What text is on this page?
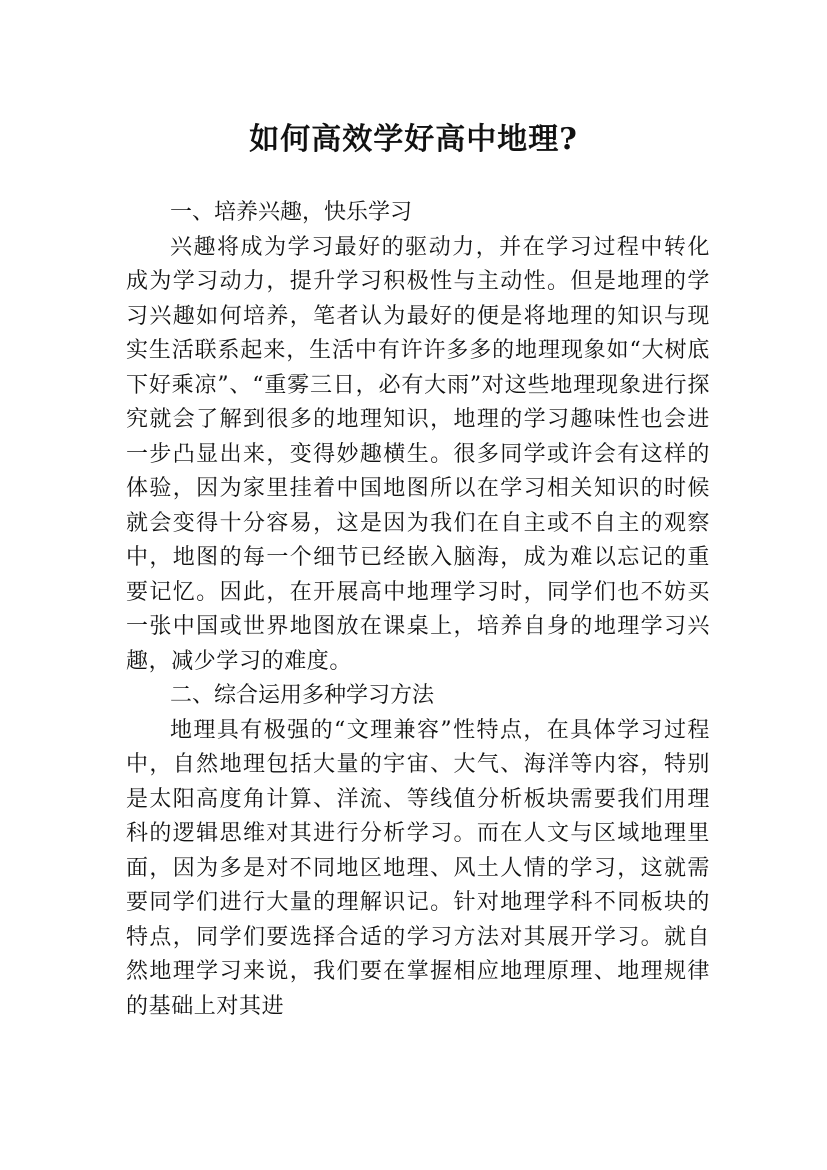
如何高效学好高中地理?

一、培养兴趣，快乐学习

兴趣将成为学习最好的驱动力，并在学习过程中转化成为学习动力，提升学习积极性与主动性。但是地理的学习兴趣如何培养，笔者认为最好的便是将地理的知识与现实生活联系起来，生活中有许许多多的地理现象如“大树底下好乘凉”、“重雾三日，必有大雨”对这些地理现象进行探究就会了解到很多的地理知识，地理的学习趣味性也会进一步凸显出来，变得妙趣横生。很多同学或许会有这样的体验，因为家里挂着中国地图所以在学习相关知识的时候就会变得十分容易，这是因为我们在自主或不自主的观察中，地图的每一个细节已经嵌入脑海，成为难以忘记的重要记忆。因此，在开展高中地理学习时，同学们也不妨买一张中国或世界地图放在课桌上，培养自身的地理学习兴趣，减少学习的难度。

二、综合运用多种学习方法

地理具有极强的“文理兼容”性特点，在具体学习过程中，自然地理包括大量的宇宙、大气、海洋等内容，特别是太阳高度角计算、洋流、等线值分析板块需要我们用理科的逻辑思维对其进行分析学习。而在人文与区域地理里面，因为多是对不同地区地理、风土人情的学习，这就需要同学们进行大量的理解识记。针对地理学科不同板块的特点，同学们要选择合适的学习方法对其展开学习。就自然地理学习来说，我们要在掌握相应地理原理、地理规律的基础上对其进
